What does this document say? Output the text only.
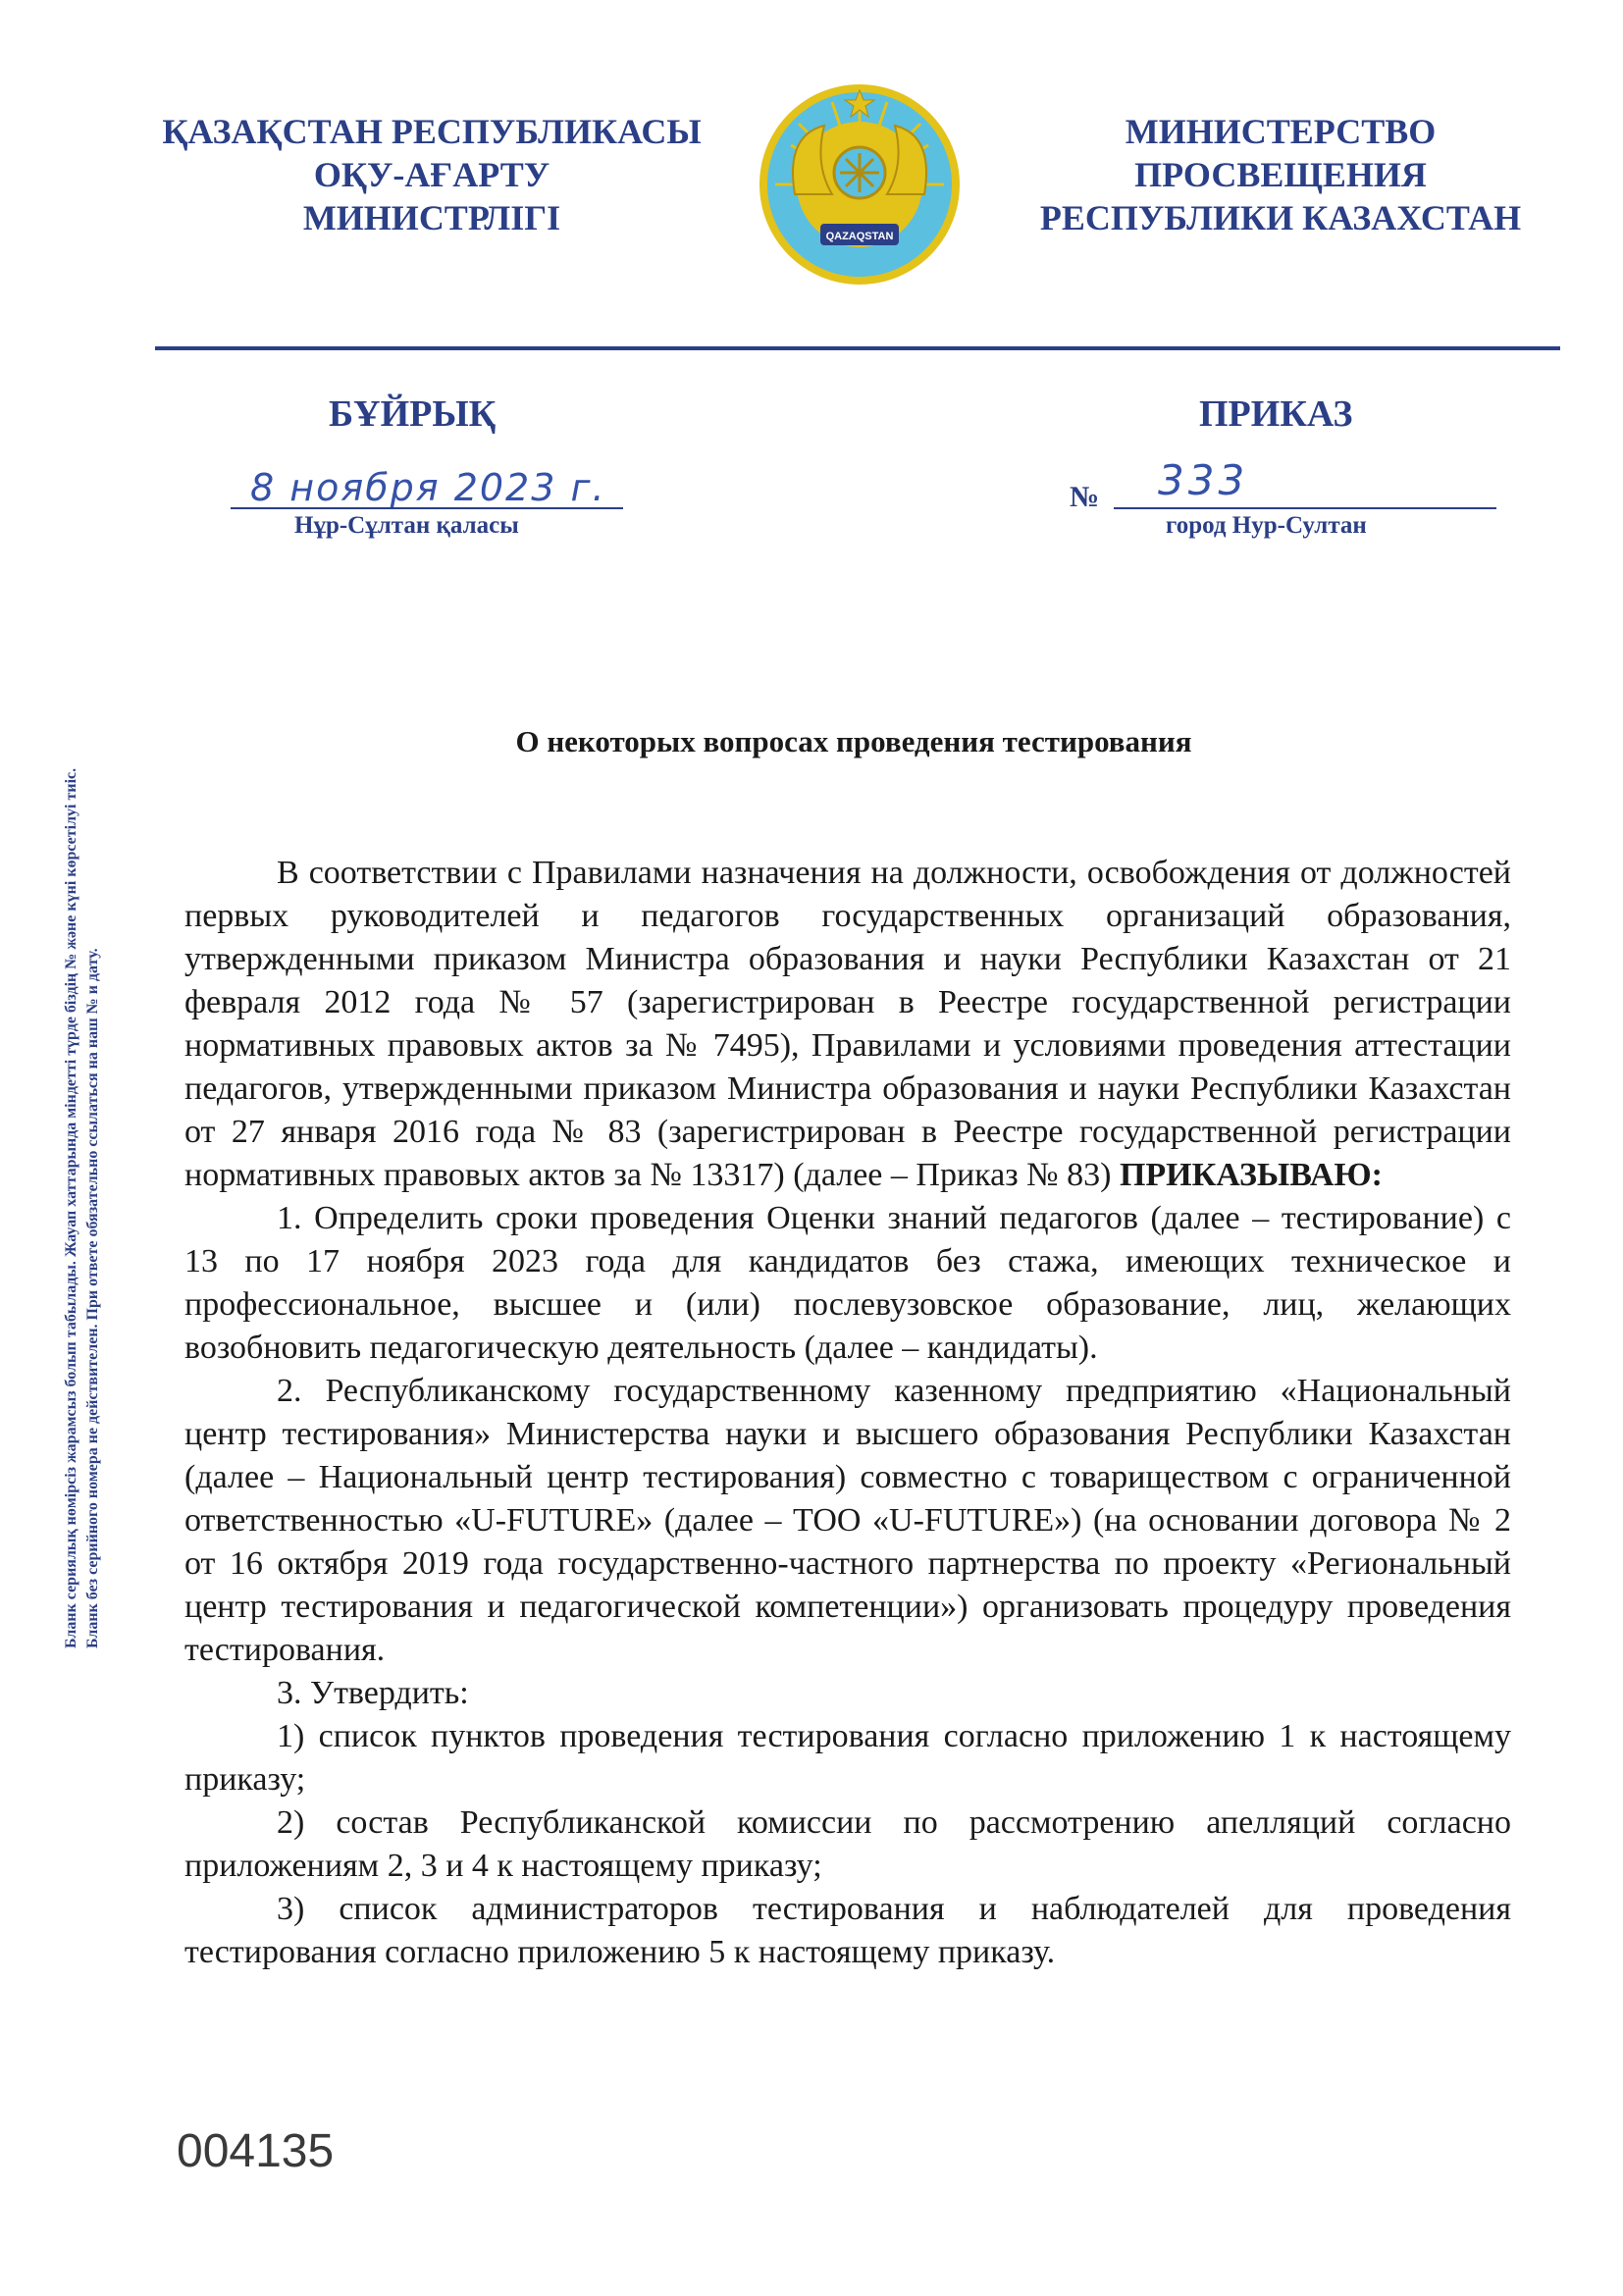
ҚАЗАҚСТАН РЕСПУБЛИКАСЫ
ОҚУ-АҒАРТУ
МИНИСТРЛІГІ	QAZAQSTAN
МИНИСТЕРСТВО
ПРОСВЕЩЕНИЯ
РЕСПУБЛИКИ КАЗАХСТАН
БҰЙРЫҚ	ПРИКАЗ
8 ноября 2023 г.
Нұр-Сұлтан қаласы
№ 333
город Нур-Султан
Бланк сериялық нөмірсіз жарамсыз болып табылады. Жауап хаттарында міндетті түрде біздің № және күні көрсетілуі тиіс. Бланк без серийного номера не действителен. При ответе обязательно ссылаться на наш № и дату.
О некоторых вопросах проведения тестирования

В соответствии с Правилами назначения на должности, освобождения от должностей первых руководителей и педагогов государственных организаций образования, утвержденными приказом Министра образования и науки Республики Казахстан от 21 февраля 2012 года № 57 (зарегистрирован в Реестре государственной регистрации нормативных правовых актов за № 7495), Правилами и условиями проведения аттестации педагогов, утвержденными приказом Министра образования и науки Республики Казахстан от 27 января 2016 года № 83 (зарегистрирован в Реестре государственной регистрации нормативных правовых актов за № 13317) (далее – Приказ № 83) ПРИКАЗЫВАЮ:

1. Определить сроки проведения Оценки знаний педагогов (далее – тестирование) с 13 по 17 ноября 2023 года для кандидатов без стажа, имеющих техническое и профессиональное, высшее и (или) послевузовское образование, лиц, желающих возобновить педагогическую деятельность (далее – кандидаты).

2. Республиканскому государственному казенному предприятию «Национальный центр тестирования» Министерства науки и высшего образования Республики Казахстан (далее – Национальный центр тестирования) совместно с товариществом с ограниченной ответственностью «U-FUTURE» (далее – ТОО «U-FUTURE») (на основании договора № 2 от 16 октября 2019 года государственно-частного партнерства по проекту «Региональный центр тестирования и педагогической компетенции») организовать процедуру проведения тестирования.

3. Утвердить:

1) список пунктов проведения тестирования согласно приложению 1 к настоящему приказу;

2) состав Республиканской комиссии по рассмотрению апелляций согласно приложениям 2, 3 и 4 к настоящему приказу;

3) список администраторов тестирования и наблюдателей для проведения тестирования согласно приложению 5 к настоящему приказу.

004135
